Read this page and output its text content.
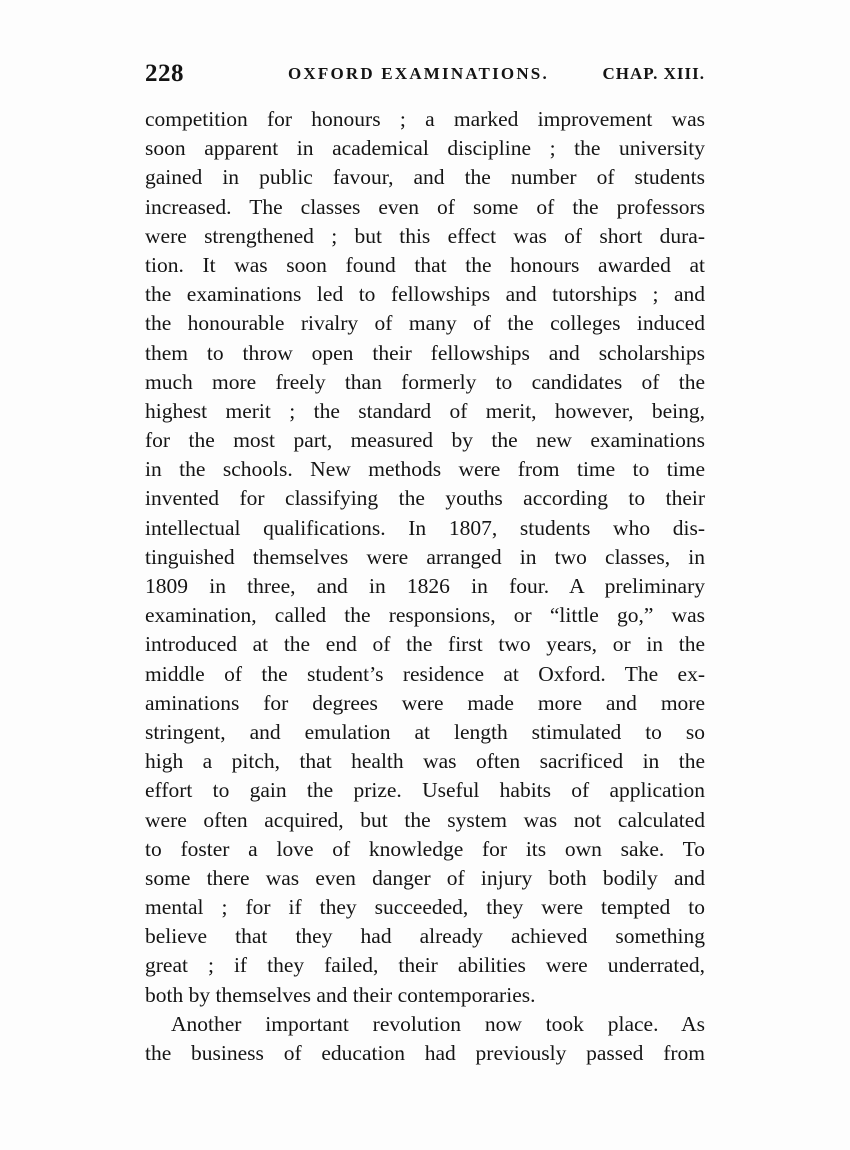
228	OXFORD EXAMINATIONS.	CHAP. XIII.
competition for honours ; a marked improvement was
soon apparent in academical discipline ; the university
gained in public favour, and the number of students
increased. The classes even of some of the professors
were strengthened ; but this effect was of short dura-
tion. It was soon found that the honours awarded at
the examinations led to fellowships and tutorships ; and
the honourable rivalry of many of the colleges induced
them to throw open their fellowships and scholarships
much more freely than formerly to candidates of the
highest merit ; the standard of merit, however, being,
for the most part, measured by the new examinations
in the schools. New methods were from time to time
invented for classifying the youths according to their
intellectual qualifications. In 1807, students who dis-
tinguished themselves were arranged in two classes, in
1809 in three, and in 1826 in four. A preliminary
examination, called the responsions, or “little go,” was
introduced at the end of the first two years, or in the
middle of the student’s residence at Oxford. The ex-
aminations for degrees were made more and more
stringent, and emulation at length stimulated to so
high a pitch, that health was often sacrificed in the
effort to gain the prize. Useful habits of application
were often acquired, but the system was not calculated
to foster a love of knowledge for its own sake. To
some there was even danger of injury both bodily and
mental ; for if they succeeded, they were tempted to
believe that they had already achieved something
great ; if they failed, their abilities were underrated,
both by themselves and their contemporaries.
Another important revolution now took place. As
the business of education had previously passed from
